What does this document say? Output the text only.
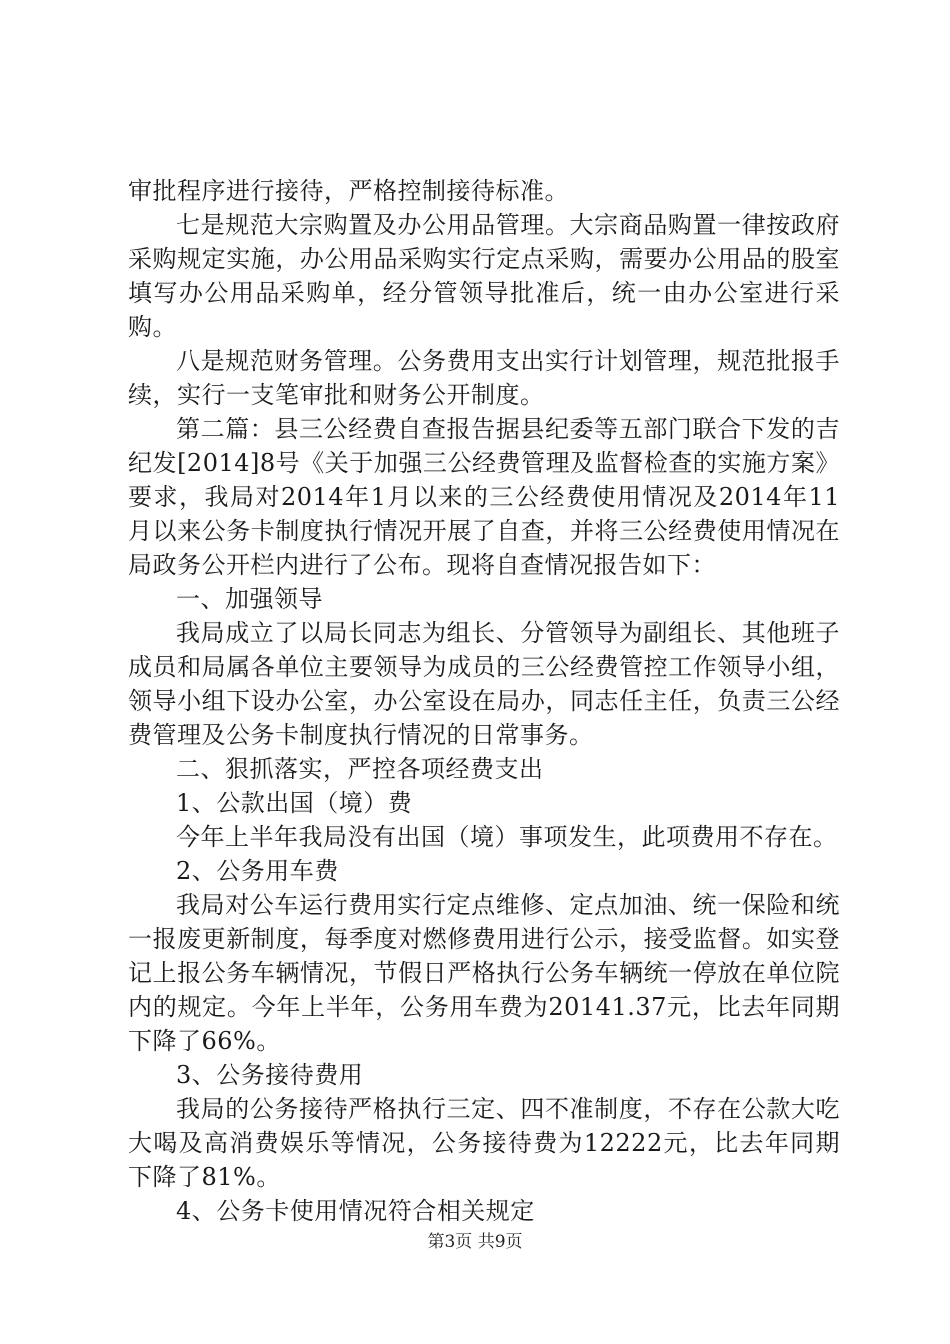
审批程序进行接待，严格控制接待标准。

七是规范大宗购置及办公用品管理。大宗商品购置一律按政府采购规定实施，办公用品采购实行定点采购，需要办公用品的股室填写办公用品采购单，经分管领导批准后，统一由办公室进行采购。

八是规范财务管理。公务费用支出实行计划管理，规范批报手续，实行一支笔审批和财务公开制度。

第二篇：县三公经费自查报告据县纪委等五部门联合下发的吉纪发[2014]8号《关于加强三公经费管理及监督检查的实施方案》要求，我局对2014年1月以来的三公经费使用情况及2014年11月以来公务卡制度执行情况开展了自查，并将三公经费使用情况在局政务公开栏内进行了公布。现将自查情况报告如下：

一、加强领导

我局成立了以局长同志为组长、分管领导为副组长、其他班子成员和局属各单位主要领导为成员的三公经费管控工作领导小组，领导小组下设办公室，办公室设在局办，同志任主任，负责三公经费管理及公务卡制度执行情况的日常事务。

二、狠抓落实，严控各项经费支出

1、公款出国（境）费

今年上半年我局没有出国（境）事项发生，此项费用不存在。

2、公务用车费

我局对公车运行费用实行定点维修、定点加油、统一保险和统一报废更新制度，每季度对燃修费用进行公示，接受监督。如实登记上报公务车辆情况，节假日严格执行公务车辆统一停放在单位院内的规定。今年上半年，公务用车费为20141.37元，比去年同期下降了66%。

3、公务接待费用

我局的公务接待严格执行三定、四不准制度，不存在公款大吃大喝及高消费娱乐等情况，公务接待费为12222元，比去年同期下降了81%。

4、公务卡使用情况符合相关规定

第3页 共9页
